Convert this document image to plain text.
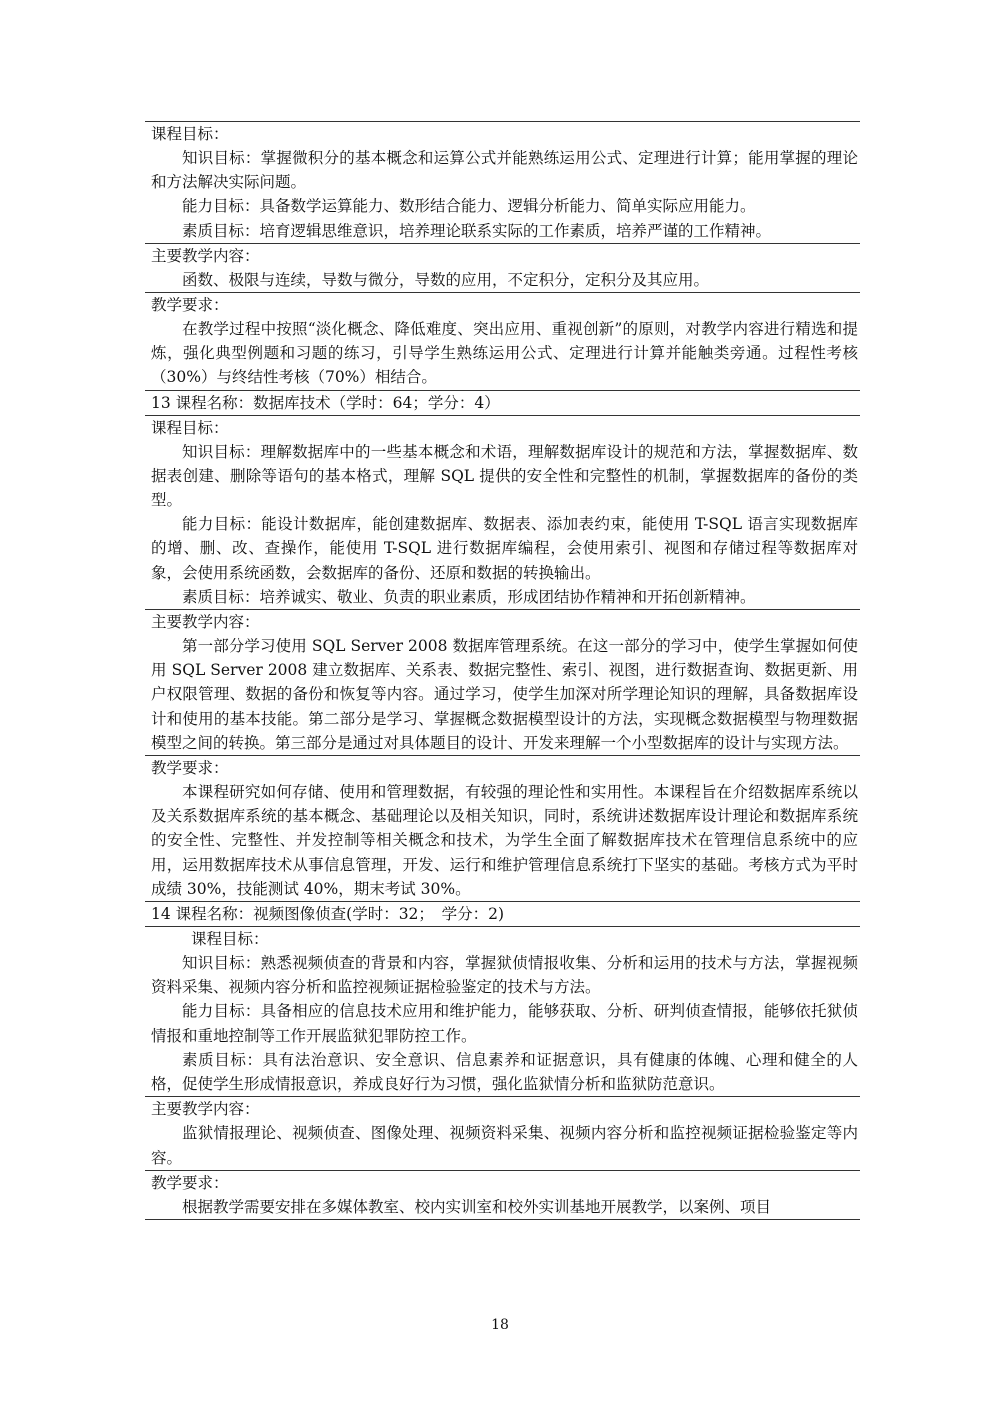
课程目标：

知识目标：掌握微积分的基本概念和运算公式并能熟练运用公式、定理进行计算；能用掌握的理论和方法解决实际问题。

能力目标：具备数学运算能力、数形结合能力、逻辑分析能力、简单实际应用能力。

素质目标：培育逻辑思维意识，培养理论联系实际的工作素质，培养严谨的工作精神。

主要教学内容：

函数、极限与连续，导数与微分，导数的应用，不定积分，定积分及其应用。

教学要求：

在教学过程中按照“淡化概念、降低难度、突出应用、重视创新”的原则，对教学内容进行精选和提炼，强化典型例题和习题的练习，引导学生熟练运用公式、定理进行计算并能触类旁通。过程性考核（30%）与终结性考核（70%）相结合。

13 课程名称：数据库技术（学时：64；学分：4）
课程目标：

知识目标：理解数据库中的一些基本概念和术语，理解数据库设计的规范和方法，掌握数据库、数据表创建、删除等语句的基本格式，理解 SQL 提供的安全性和完整性的机制，掌握数据库的备份的类型。

能力目标：能设计数据库，能创建数据库、数据表、添加表约束，能使用 T-SQL 语言实现数据库的增、删、改、查操作，能使用 T-SQL 进行数据库编程，会使用索引、视图和存储过程等数据库对象，会使用系统函数，会数据库的备份、还原和数据的转换输出。

素质目标：培养诚实、敬业、负责的职业素质，形成团结协作精神和开拓创新精神。

主要教学内容：

第一部分学习使用 SQL Server 2008 数据库管理系统。在这一部分的学习中，使学生掌握如何使用 SQL Server 2008 建立数据库、关系表、数据完整性、索引、视图，进行数据查询、数据更新、用户权限管理、数据的备份和恢复等内容。通过学习，使学生加深对所学理论知识的理解，具备数据库设计和使用的基本技能。第二部分是学习、掌握概念数据模型设计的方法，实现概念数据模型与物理数据模型之间的转换。第三部分是通过对具体题目的设计、开发来理解一个小型数据库的设计与实现方法。

教学要求：

本课程研究如何存储、使用和管理数据，有较强的理论性和实用性。本课程旨在介绍数据库系统以及关系数据库系统的基本概念、基础理论以及相关知识，同时，系统讲述数据库设计理论和数据库系统的安全性、完整性、并发控制等相关概念和技术，为学生全面了解数据库技术在管理信息系统中的应用，运用数据库技术从事信息管理，开发、运行和维护管理信息系统打下坚实的基础。考核方式为平时成绩 30%，技能测试 40%，期末考试 30%。

14 课程名称：视频图像侦查(学时：32；　学分：2)
课程目标：

知识目标：熟悉视频侦查的背景和内容，掌握狱侦情报收集、分析和运用的技术与方法，掌握视频资料采集、视频内容分析和监控视频证据检验鉴定的技术与方法。

能力目标：具备相应的信息技术应用和维护能力，能够获取、分析、研判侦查情报，能够依托狱侦情报和重地控制等工作开展监狱犯罪防控工作。

素质目标：具有法治意识、安全意识、信息素养和证据意识，具有健康的体魄、心理和健全的人格，促使学生形成情报意识，养成良好行为习惯，强化监狱情分析和监狱防范意识。

主要教学内容：

监狱情报理论、视频侦查、图像处理、视频资料采集、视频内容分析和监控视频证据检验鉴定等内容。

教学要求：

根据教学需要安排在多媒体教室、校内实训室和校外实训基地开展教学，以案例、项目

18
